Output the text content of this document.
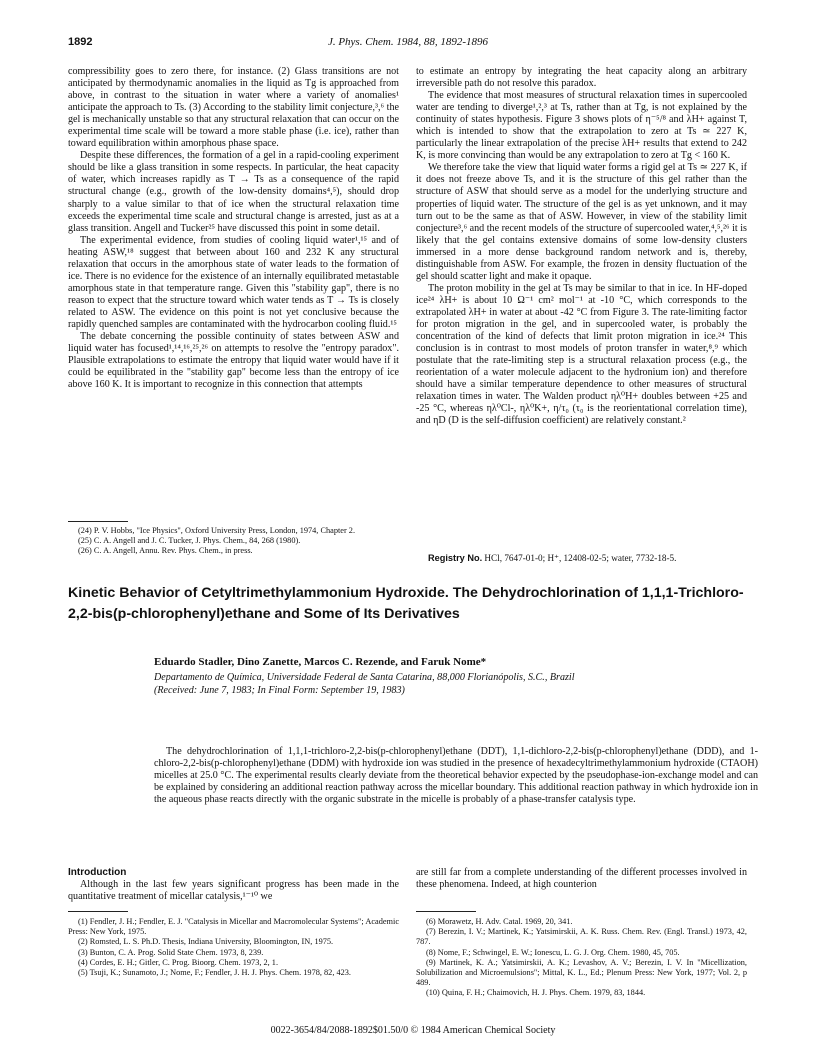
1892	J. Phys. Chem. 1984, 88, 1892-1896

compressibility goes to zero there, for instance. (2) Glass transitions are not anticipated by thermodynamic anomalies in the liquid as Tg is approached from above, in contrast to the situation in water where a variety of anomalies¹ anticipate the approach to Ts. (3) According to the stability limit conjecture,³,⁶ the gel is mechanically unstable so that any structural relaxation that can occur on the experimental time scale will be toward a more stable phase (i.e. ice), rather than toward equilibration within amorphous phase space.

Despite these differences, the formation of a gel in a rapid-cooling experiment should be like a glass transition in some respects. In particular, the heat capacity of water, which increases rapidly as T → Ts as a consequence of the rapid structural change (e.g., growth of the low-density domains⁴,⁵), should drop sharply to a value similar to that of ice when the structural relaxation time exceeds the experimental time scale and structural change is arrested, just as at a glass transition. Angell and Tucker²⁵ have discussed this point in some detail.

The experimental evidence, from studies of cooling liquid water¹,¹⁵ and of heating ASW,¹⁸ suggest that between about 160 and 232 K any structural relaxation that occurs in the amorphous state of water leads to the formation of ice. There is no evidence for the existence of an internally equilibrated metastable amorphous state in that temperature range. Given this "stability gap", there is no reason to expect that the structure toward which water tends as T → Ts is closely related to ASW. The evidence on this point is not yet conclusive because the rapidly quenched samples are contaminated with the hydrocarbon cooling fluid.¹⁵

The debate concerning the possible continuity of states between ASW and liquid water has focused¹,¹⁴,¹⁶,²⁵,²⁶ on attempts to resolve the "entropy paradox". Plausible extrapolations to estimate the entropy that liquid water would have if it could be equilibrated in the "stability gap" become less than the entropy of ice above 160 K. It is important to recognize in this connection that attempts

(24) P. V. Hobbs, "Ice Physics", Oxford University Press, London, 1974, Chapter 2.

(25) C. A. Angell and J. C. Tucker, J. Phys. Chem., 84, 268 (1980).

(26) C. A. Angell, Annu. Rev. Phys. Chem., in press.

to estimate an entropy by integrating the heat capacity along an arbitrary irreversible path do not resolve this paradox.

The evidence that most measures of structural relaxation times in supercooled water are tending to diverge¹,²,³ at Ts, rather than at Tg, is not explained by the continuity of states hypothesis. Figure 3 shows plots of η⁻⁵/⁸ and λH+ against T, which is intended to show that the extrapolation to zero at Ts ≃ 227 K, particularly the linear extrapolation of the precise λH+ results that extend to 242 K, is more convincing than would be any extrapolation to zero at Tg < 160 K.

We therefore take the view that liquid water forms a rigid gel at Ts ≃ 227 K, if it does not freeze above Ts, and it is the structure of this gel rather than the structure of ASW that should serve as a model for the underlying structure and properties of liquid water. The structure of the gel is as yet unknown, and it may turn out to be the same as that of ASW. However, in view of the stability limit conjecture³,⁶ and the recent models of the structure of supercooled water,⁴,⁵,²⁶ it is likely that the gel contains extensive domains of some low-density clusters immersed in a more dense background random network and is, thereby, distinguishable from ASW. For example, the frozen in density fluctuation of the gel should scatter light and make it opaque.

The proton mobility in the gel at Ts may be similar to that in ice. In HF-doped ice²⁴ λH+ is about 10 Ω⁻¹ cm² mol⁻¹ at -10 °C, which corresponds to the extrapolated λH+ in water at about -42 °C from Figure 3. The rate-limiting factor for proton migration in the gel, and in supercooled water, is probably the concentration of the kind of defects that limit proton migration in ice.²⁴ This conclusion is in contrast to most models of proton transfer in water,⁸,⁹ which postulate that the rate-limiting step is a structural relaxation process (e.g., the reorientation of a water molecule adjacent to the hydronium ion) and therefore should have a similar temperature dependence to other measures of structural relaxation times in water. The Walden product ηλ⁰H+ doubles between +25 and -25 °C, whereas ηλ⁰Cl-, ηλ⁰K+, η/τ₀ (τ₀ is the reorientational correlation time), and ηD (D is the self-diffusion coefficient) are relatively constant.²

Registry No. HCl, 7647-01-0; H⁺, 12408-02-5; water, 7732-18-5.
Kinetic Behavior of Cetyltrimethylammonium Hydroxide. The Dehydrochlorination of 1,1,1-Trichloro-2,2-bis(p-chlorophenyl)ethane and Some of Its Derivatives
Eduardo Stadler, Dino Zanette, Marcos C. Rezende, and Faruk Nome*
Departamento de Química, Universidade Federal de Santa Catarina, 88,000 Florianópolis, S.C., Brazil
(Received: June 7, 1983; In Final Form: September 19, 1983)
The dehydrochlorination of 1,1,1-trichloro-2,2-bis(p-chlorophenyl)ethane (DDT), 1,1-dichloro-2,2-bis(p-chlorophenyl)ethane (DDD), and 1-chloro-2,2-bis(p-chlorophenyl)ethane (DDM) with hydroxide ion was studied in the presence of hexadecyltrimethylammonium hydroxide (CTAOH) micelles at 25.0 °C. The experimental results clearly deviate from the theoretical behavior expected by the pseudophase-ion-exchange model and can be explained by considering an additional reaction pathway across the micellar boundary. This additional reaction pathway in which hydroxide ion in the aqueous phase reacts directly with the organic substrate in the micelle is probably of a phase-transfer catalysis type.
Introduction

Although in the last few years significant progress has been made in the quantitative treatment of micellar catalysis,¹⁻¹⁰ we

are still far from a complete understanding of the different processes involved in these phenomena. Indeed, at high counterion

(1) Fendler, J. H.; Fendler, E. J. "Catalysis in Micellar and Macromolecular Systems"; Academic Press: New York, 1975.

(2) Romsted, L. S. Ph.D. Thesis, Indiana University, Bloomington, IN, 1975.

(3) Bunton, C. A. Prog. Solid State Chem. 1973, 8, 239.

(4) Cordes, E. H.; Gitler, C. Prog. Bioorg. Chem. 1973, 2, 1.

(5) Tsuji, K.; Sunamoto, J.; Nome, F.; Fendler, J. H. J. Phys. Chem. 1978, 82, 423.

(6) Morawetz, H. Adv. Catal. 1969, 20, 341.

(7) Berezin, I. V.; Martinek, K.; Yatsimirskii, A. K. Russ. Chem. Rev. (Engl. Transl.) 1973, 42, 787.

(8) Nome, F.; Schwingel, E. W.; Ionescu, L. G. J. Org. Chem. 1980, 45, 705.

(9) Martinek, K. A.; Yatsimirskii, A. K.; Levashov, A. V.; Berezin, I. V. In "Micellization, Solubilization and Microemulsions"; Mittal, K. L., Ed.; Plenum Press: New York, 1977; Vol. 2, p 489.

(10) Quina, F. H.; Chaimovich, H. J. Phys. Chem. 1979, 83, 1844.

0022-3654/84/2088-1892$01.50/0 © 1984 American Chemical Society
